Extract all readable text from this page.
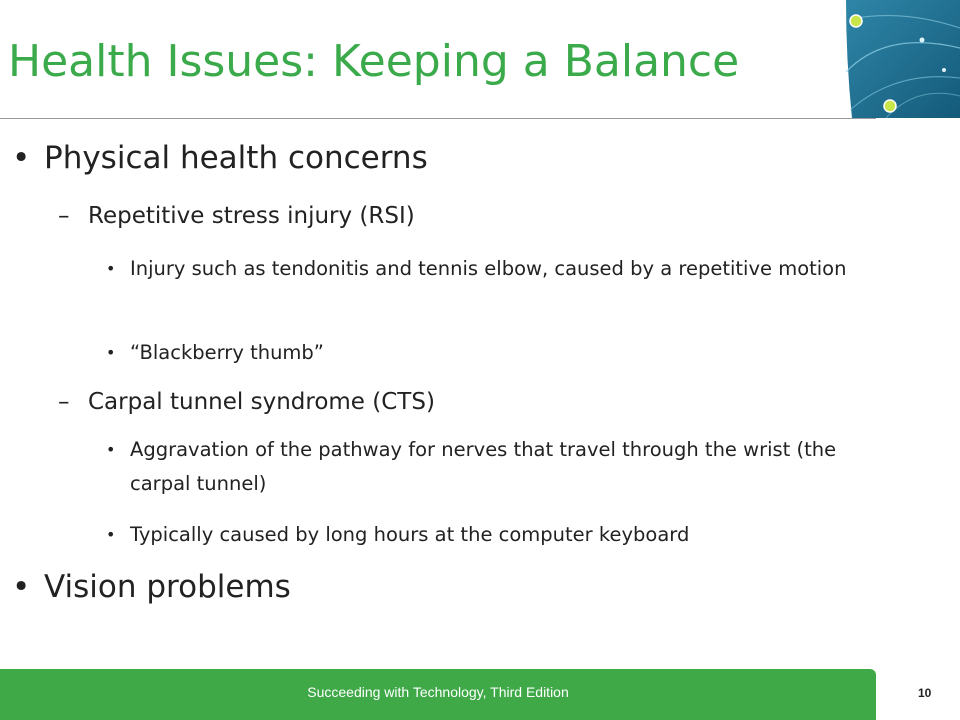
Health Issues: Keeping a Balance
• Physical health concerns
– Repetitive stress injury (RSI)
• Injury such as tendonitis and tennis elbow, caused by a repetitive motion
• “Blackberry thumb”
– Carpal tunnel syndrome (CTS)
• Aggravation of the pathway for nerves that travel through the wrist (the carpal tunnel)
• Typically caused by long hours at the computer keyboard
• Vision problems
Succeeding with Technology, Third Edition	10
